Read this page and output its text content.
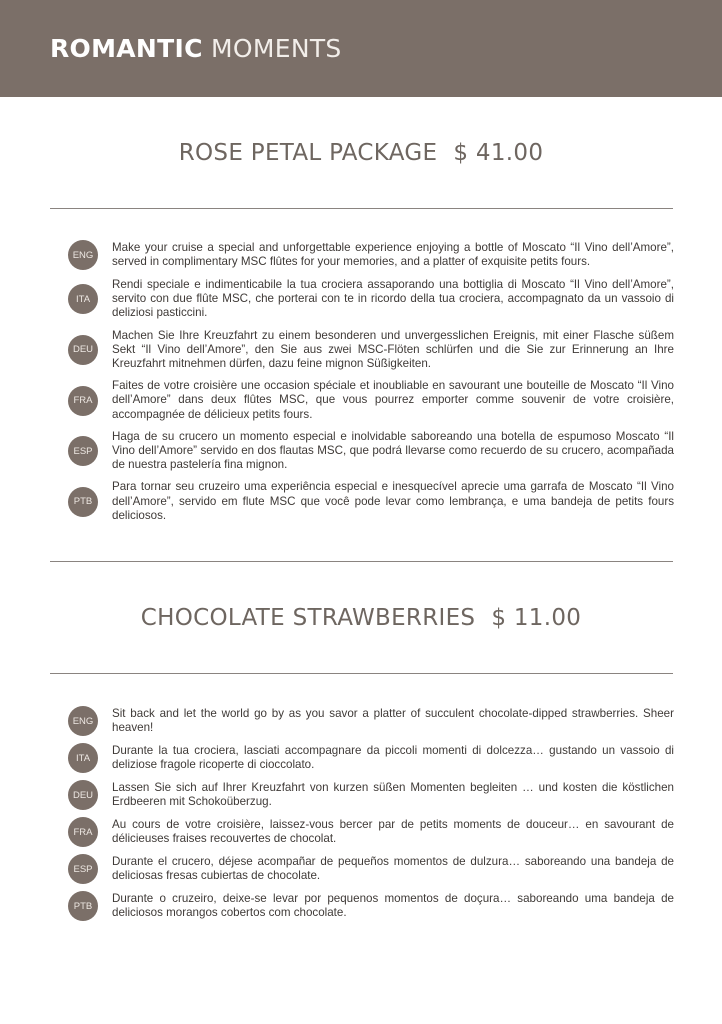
ROMANTIC MOMENTS
ROSE PETAL PACKAGE $ 41.00
ENG
Make your cruise a special and unforgettable experience enjoying a bottle of Moscato “Il Vino dell’Amore”, served in complimentary MSC flûtes for your memories, and a platter of exquisite petits fours.
ITA
Rendi speciale e indimenticabile la tua crociera assaporando una bottiglia di Moscato “Il Vino dell’Amore”, servito con due flûte MSC, che porterai con te in ricordo della tua crociera, accompagnato da un vassoio di deliziosi pasticcini.
DEU
Machen Sie Ihre Kreuzfahrt zu einem besonderen und unvergesslichen Ereignis, mit einer Flasche süßem Sekt “Il Vino dell’Amore”, den Sie aus zwei MSC-Flöten schlürfen und die Sie zur Erinnerung an Ihre Kreuzfahrt mitnehmen dürfen, dazu feine mignon Süßigkeiten.
FRA
Faites de votre croisière une occasion spéciale et inoubliable en savourant une bouteille de Moscato “Il Vino dell’Amore” dans deux flûtes MSC, que vous pourrez emporter comme souvenir de votre croisière, accompagnée de délicieux petits fours.
ESP
Haga de su crucero un momento especial e inolvidable saboreando una botella de espumoso Moscato “Il Vino dell’Amore” servido en dos flautas MSC, que podrá llevarse como recuerdo de su crucero, acompañada de nuestra pastelería fina mignon.
PTB
Para tornar seu cruzeiro uma experiência especial e inesquecível aprecie uma garrafa de Moscato “Il Vino dell’Amore”, servido em flute MSC que você pode levar como lembrança, e uma bandeja de petits fours deliciosos.
CHOCOLATE STRAWBERRIES $ 11.00
ENG
Sit back and let the world go by as you savor a platter of succulent chocolate-dipped strawberries. Sheer heaven!
ITA
Durante la tua crociera, lasciati accompagnare da piccoli momenti di dolcezza… gustando un vassoio di deliziose fragole ricoperte di cioccolato.
DEU
Lassen Sie sich auf Ihrer Kreuzfahrt von kurzen süßen Momenten begleiten … und kosten die köstlichen Erdbeeren mit Schokoüberzug.
FRA
Au cours de votre croisière, laissez-vous bercer par de petits moments de douceur… en savourant de délicieuses fraises recouvertes de chocolat.
ESP
Durante el crucero, déjese acompañar de pequeños momentos de dulzura… saboreando una bandeja de deliciosas fresas cubiertas de chocolate.
PTB
Durante o cruzeiro, deixe-se levar por pequenos momentos de doçura… saboreando uma bandeja de deliciosos morangos cobertos com chocolate.
